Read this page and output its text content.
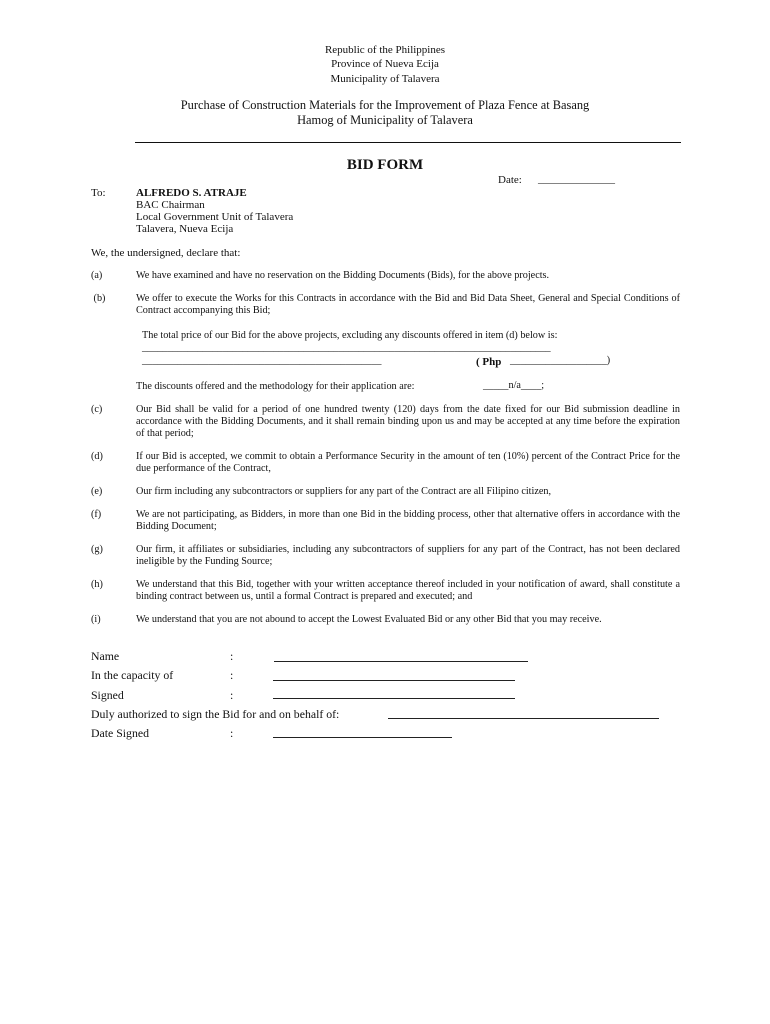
Republic of the Philippines
Province of Nueva Ecija
Municipality of Talavera
Purchase of Construction Materials for the Improvement of Plaza Fence at Basang
Hamog of Municipality of Talavera
BID FORM
Date: ______________
To:	ALFREDO S. ATRAJE
BAC Chairman
Local Government Unit of Talavera
Talavera, Nueva Ecija
We, the undersigned, declare that:
(a)	We have examined and have no reservation on the Bidding Documents (Bids), for the above projects.
(b)	We offer to execute the Works for this Contracts in accordance with the Bid and Bid Data Sheet, General and Special Conditions of Contract accompanying this Bid;
The total price of our Bid for the above projects, excluding any discounts offered in item (d) below is:
_________________________________________________________________________________
_______________________________________________	( Php ___________________)
The discounts offered and the methodology for their application are:	_____n/a____;
(c)	Our Bid shall be valid for a period of one hundred twenty (120) days from the date fixed for our Bid submission deadline in accordance with the Bidding Documents, and it shall remain binding upon us and may be accepted at any time before the expiration of that period;
(d)	If our Bid is accepted, we commit to obtain a Performance Security in the amount of ten (10%) percent of the Contract Price for the due performance of the Contract,
(e)	Our firm including any subcontractors or suppliers for any part of the Contract are all Filipino citizen,
(f)	We are not participating, as Bidders, in more than one Bid in the bidding process, other that alternative offers in accordance with the Bidding Document;
(g)	Our firm, it affiliates or subsidiaries, including any subcontractors of suppliers for any part of the Contract, has not been declared ineligible by the Funding Source;
(h)	We understand that this Bid, together with your written acceptance thereof included in your notification of award, shall constitute a binding contract between us, until a formal Contract is prepared and executed; and
(i)	We understand that you are not abound to accept the Lowest Evaluated Bid or any other Bid that you may receive.
Name	:
In the capacity of	:
Signed	:
Duly authorized to sign the Bid for and on behalf of:
Date Signed	:
